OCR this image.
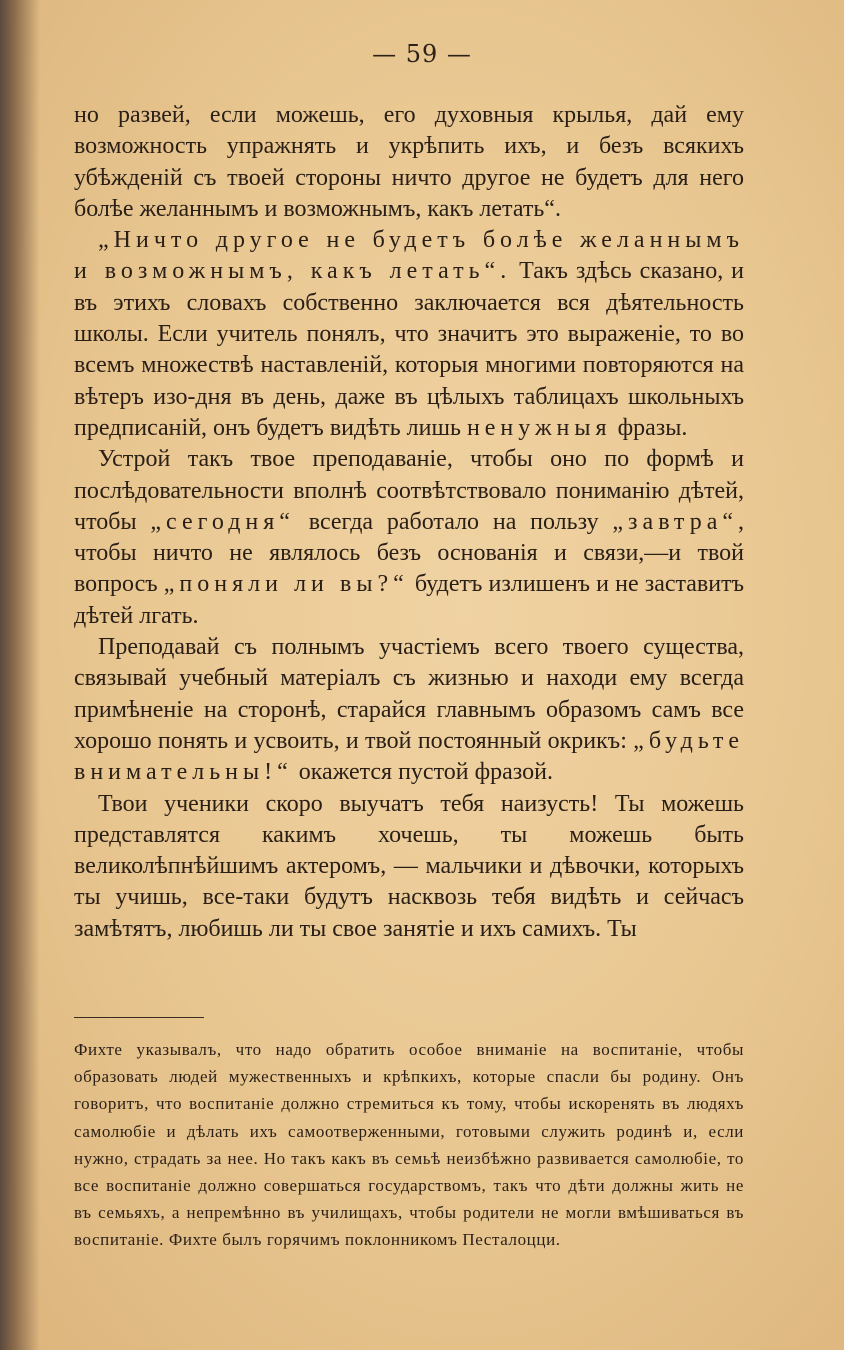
— 59 —

но развей, если можешь, его духовныя крылья, дай ему возможность упражнять и укрѣпить ихъ, и безъ всякихъ убѣжденій съ твоей стороны ничто другое не будетъ для него болѣе желаннымъ и возможнымъ, какъ летать“.

„Ничто другое не будетъ болѣе желаннымъ и возможнымъ, какъ летать“. Такъ здѣсь сказано, и въ этихъ словахъ собственно заключается вся дѣятельность школы. Если учитель понялъ, что значитъ это выраженіе, то во всемъ множествѣ наставленій, которыя многими повторяются на вѣтеръ изо-дня въ день, даже въ цѣлыхъ таблицахъ школьныхъ предписаній, онъ будетъ видѣть лишь ненужныя фразы.

Устрой такъ твое преподаваніе, чтобы оно по формѣ и послѣдовательности вполнѣ соотвѣтствовало пониманію дѣтей, чтобы „сегодня“ всегда работало на пользу „завтра“, чтобы ничто не являлось безъ основанія и связи,—и твой вопросъ „поняли ли вы?“ будетъ излишенъ и не заставитъ дѣтей лгать.

Преподавай съ полнымъ участіемъ всего твоего существа, связывай учебный матеріалъ съ жизнью и находи ему всегда примѣненіе на сторонѣ, старайся главнымъ образомъ самъ все хорошо понять и усвоить, и твой постоянный окрикъ: „будьте внимательны!“ окажется пустой фразой.

Твои ученики скоро выучатъ тебя наизусть! Ты можешь представлятся какимъ хочешь, ты можешь быть великолѣпнѣйшимъ актеромъ, — мальчики и дѣвочки, которыхъ ты учишь, все-таки будутъ насквозь тебя видѣть и сейчасъ замѣтятъ, любишь ли ты свое занятіе и ихъ самихъ. Ты

Фихте указывалъ, что надо обратить особое вниманіе на воспитаніе, чтобы образовать людей мужественныхъ и крѣпкихъ, которые спасли бы родину. Онъ говоритъ, что воспитаніе должно стремиться къ тому, чтобы искоренять въ людяхъ самолюбіе и дѣлать ихъ самоотверженными, готовыми служить родинѣ и, если нужно, страдать за нее. Но такъ какъ въ семьѣ неизбѣжно развивается самолюбіе, то все воспитаніе должно совершаться государствомъ, такъ что дѣти должны жить не въ семьяхъ, а непремѣнно въ училищахъ, чтобы родители не могли вмѣшиваться въ воспитаніе. Фихте былъ горячимъ поклонникомъ Песталоцци.
